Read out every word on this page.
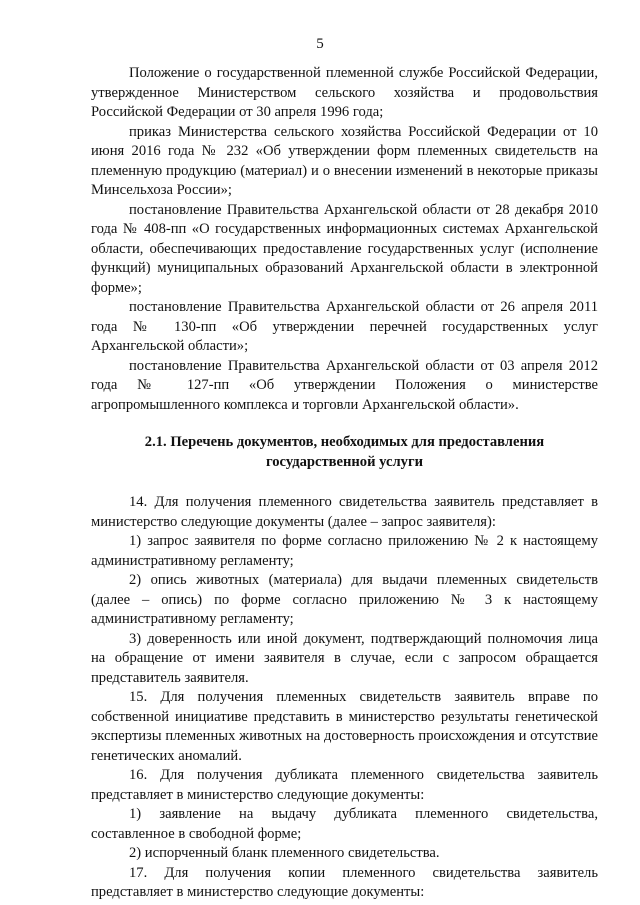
5

Положение о государственной племенной службе Российской Федерации, утвержденное Министерством сельского хозяйства и продовольствия Российской Федерации от 30 апреля 1996 года;

приказ Министерства сельского хозяйства Российской Федерации от 10 июня 2016 года № 232 «Об утверждении форм племенных свидетельств на племенную продукцию (материал) и о внесении изменений в некоторые приказы Минсельхоза России»;

постановление Правительства Архангельской области от 28 декабря 2010 года № 408-пп «О государственных информационных системах Архангельской области, обеспечивающих предоставление государственных услуг (исполнение функций) муниципальных образований Архангельской области в электронной форме»;

постановление Правительства Архангельской области от 26 апреля 2011 года № 130-пп «Об утверждении перечней государственных услуг Архангельской области»;

постановление Правительства Архангельской области от 03 апреля 2012 года № 127-пп «Об утверждении Положения о министерстве агропромышленного комплекса и торговли Архангельской области».

2.1. Перечень документов, необходимых для предоставления государственной услуги

14. Для получения племенного свидетельства заявитель представляет в министерство следующие документы (далее – запрос заявителя):

1) запрос заявителя по форме согласно приложению № 2 к настоящему административному регламенту;

2) опись животных (материала) для выдачи племенных свидетельств (далее – опись) по форме согласно приложению № 3 к настоящему административному регламенту;

3) доверенность или иной документ, подтверждающий полномочия лица на обращение от имени заявителя в случае, если с запросом обращается представитель заявителя.

15. Для получения племенных свидетельств заявитель вправе по собственной инициативе представить в министерство результаты генетической экспертизы племенных животных на достоверность происхождения и отсутствие генетических аномалий.

16. Для получения дубликата племенного свидетельства заявитель представляет в министерство следующие документы:

1) заявление на выдачу дубликата племенного свидетельства, составленное в свободной форме;

2) испорченный бланк племенного свидетельства.

17. Для получения копии племенного свидетельства заявитель представляет в министерство следующие документы:
